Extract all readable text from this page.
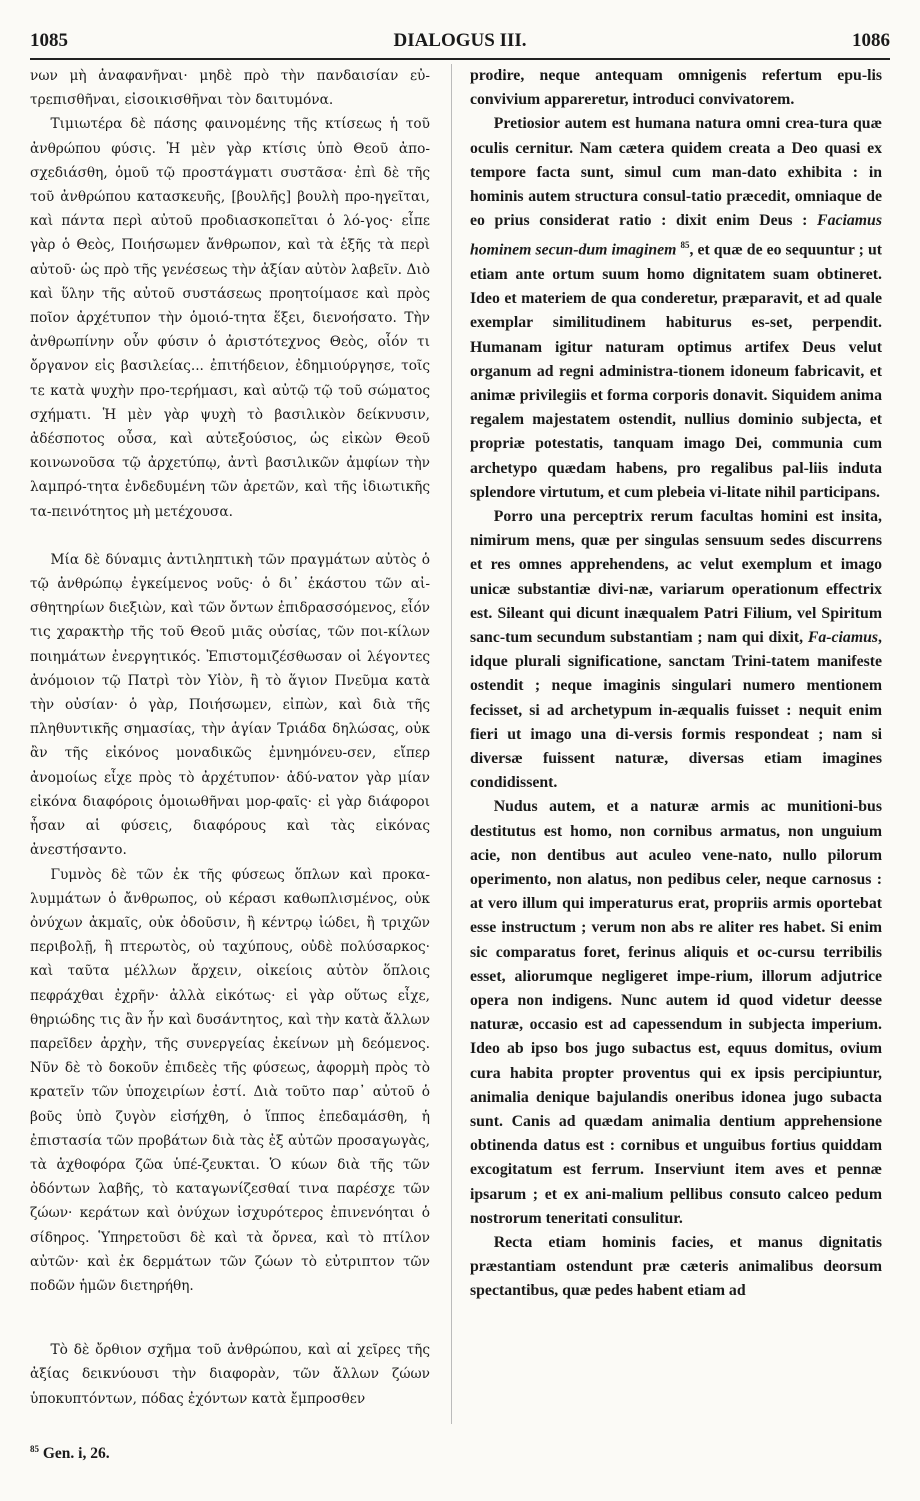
1085	DIALOGUS III.	1086

νων μὴ ἀναφανῆναι· μηδὲ πρὸ τὴν πανδαισίαν εὐ-τρεπισθῆναι, εἰσοικισθῆναι τὸν δαιτυμόνα.

Τιμιωτέρα δὲ πάσης φαινομένης τῆς κτίσεως ἡ τοῦ ἀνθρώπου φύσις. Ἡ μὲν γὰρ κτίσις ὑπὸ Θεοῦ ἀπο-σχεδιάσθη, ὁμοῦ τῷ προστάγματι συστᾶσα· ἐπὶ δὲ τῆς τοῦ ἀνθρώπου κατασκευῆς, [βουλῆς] βουλὴ προ-ηγεῖται, καὶ πάντα περὶ αὐτοῦ προδιασκοπεῖται ὁ λό-γος· εἶπε γὰρ ὁ Θεὸς, Ποιήσωμεν ἄνθρωπον, καὶ τὰ ἑξῆς τὰ περὶ αὐτοῦ· ὡς πρὸ τῆς γενέσεως τὴν ἀξίαν αὐτὸν λαβεῖν. Διὸ καὶ ὕλην τῆς αὐτοῦ συστάσεως προητοίμασε καὶ πρὸς ποῖον ἀρχέτυπον τὴν ὁμοιό-τητα ἕξει, διενοήσατο. Τὴν ἀνθρωπίνην οὖν φύσιν ὁ ἀριστότεχνος Θεὸς, οἷόν τι ὄργανον εἰς βασιλείας... ἐπιτήδειον, ἐδημιούργησε, τοῖς τε κατὰ ψυχὴν προ-τερήμασι, καὶ αὐτῷ τῷ τοῦ σώματος σχήματι. Ἡ μὲν γὰρ ψυχὴ τὸ βασιλικὸν δείκνυσιν, ἀδέσποτος οὖσα, καὶ αὐτεξούσιος, ὡς εἰκὼν Θεοῦ κοινωνοῦσα τῷ ἀρχετύπῳ, ἀντὶ βασιλικῶν ἀμφίων τὴν λαμπρό-τητα ἐνδεδυμένη τῶν ἀρετῶν, καὶ τῆς ἰδιωτικῆς τα-πεινότητος μὴ μετέχουσα.

Μία δὲ δύναμις ἀντιληπτικὴ τῶν πραγμάτων αὐτὸς ὁ τῷ ἀνθρώπῳ ἐγκείμενος νοῦς· ὁ δι᾽ ἑκάστου τῶν αἰ-σθητηρίων διεξιὼν, καὶ τῶν ὄντων ἐπιδρασσόμενος, εἶόν τις χαρακτὴρ τῆς τοῦ Θεοῦ μιᾶς οὐσίας, τῶν ποι-κίλων ποιημάτων ἐνεργητικός. Ἐπιστομιζέσθωσαν οἱ λέγοντες ἀνόμοιον τῷ Πατρὶ τὸν Υἱὸν, ἢ τὸ ἅγιον Πνεῦμα κατὰ τὴν οὐσίαν· ὁ γὰρ, Ποιήσωμεν, εἰπὼν, καὶ διὰ τῆς πληθυντικῆς σημασίας, τὴν ἁγίαν Τριάδα δηλώσας, οὐκ ἂν τῆς εἰκόνος μοναδικῶς ἐμνημόνευ-σεν, εἴπερ ἀνομοίως εἶχε πρὸς τὸ ἀρχέτυπον· ἀδύ-νατον γὰρ μίαν εἰκόνα διαφόροις ὁμοιωθῆναι μορ-φαῖς· εἰ γὰρ διάφοροι ἦσαν αἱ φύσεις, διαφόρους καὶ τὰς εἰκόνας ἀνεστήσαντο.

Γυμνὸς δὲ τῶν ἐκ τῆς φύσεως ὅπλων καὶ προκα-λυμμάτων ὁ ἄνθρωπος, οὐ κέρασι καθωπλισμένος, οὐκ ὀνύχων ἀκμαῖς, οὐκ ὀδοῦσιν, ἢ κέντρῳ ἰώδει, ἢ τριχῶν περιβολῇ, ἢ πτερωτὸς, οὐ ταχύπους, οὐδὲ πολύσαρκος· καὶ ταῦτα μέλλων ἄρχειν, οἰκείοις αὐτὸν ὅπλοις πεφράχθαι ἐχρῆν· ἀλλὰ εἰκότως· εἰ γὰρ οὕτως εἶχε, θηριώδης τις ἂν ἦν καὶ δυσάντητος, καὶ τὴν κατὰ ἄλλων παρεῖδεν ἀρχὴν, τῆς συνεργείας ἐκείνων μὴ δεόμενος. Νῦν δὲ τὸ δοκοῦν ἐπιδεὲς τῆς φύσεως, ἀφορμὴ πρὸς τὸ κρατεῖν τῶν ὑποχειρίων ἐστί. Διὰ τοῦτο παρ᾽ αὐτοῦ ὁ βοῦς ὑπὸ ζυγὸν εἰσήχθη, ὁ ἵππος ἐπεδαμάσθη, ἡ ἐπιστασία τῶν προβάτων διὰ τὰς ἐξ αὐτῶν προσαγωγὰς, τὰ ἀχθοφόρα ζῶα ὑπέ-ζευκται. Ὁ κύων διὰ τῆς τῶν ὀδόντων λαβῆς, τὸ καταγωνίζεσθαί τινα παρέσχε τῶν ζώων· κεράτων καὶ ὀνύχων ἰσχυρότερος ἐπινενόηται ὁ σίδηρος. Ὑπηρετοῦσι δὲ καὶ τὰ ὄρνεα, καὶ τὸ πτίλον αὐτῶν· καὶ ἐκ δερμάτων τῶν ζώων τὸ εὐτριπτον τῶν ποδῶν ἡμῶν διετηρήθη.

Τὸ δὲ ὄρθιον σχῆμα τοῦ ἀνθρώπου, καὶ αἱ χεῖρες τῆς ἀξίας δεικνύουσι τὴν διαφορὰν, τῶν ἄλλων ζώων ὑποκυπτόντων, πόδας ἐχόντων κατὰ ἔμπροσθεν

prodire, neque antequam omnigenis refertum epu-lis convivium appareretur, introduci convivatorem.

Pretiosior autem est humana natura omni crea-tura quæ oculis cernitur. Nam cætera quidem creata a Deo quasi ex tempore facta sunt, simul cum man-dato exhibita : in hominis autem structura consul-tatio præcedit, omniaque de eo prius considerat ratio : dixit enim Deus : Faciamus hominem secun-dum imaginem $^{85}$, et quæ de eo sequuntur ; ut etiam ante ortum suum homo dignitatem suam obtineret. Ideo et materiem de qua conderetur, præparavit, et ad quale exemplar similitudinem habiturus es-set, perpendit. Humanam igitur naturam optimus artifex Deus velut organum ad regni administra-tionem idoneum fabricavit, et animæ privilegiis et forma corporis donavit. Siquidem anima regalem majestatem ostendit, nullius dominio subjecta, et propriæ potestatis, tanquam imago Dei, communia cum archetypo quædam habens, pro regalibus pal-liis induta splendore virtutum, et cum plebeia vi-litate nihil participans.

Porro una perceptrix rerum facultas homini est insita, nimirum mens, quæ per singulas sensuum sedes discurrens et res omnes apprehendens, ac velut exemplum et imago unicæ substantiæ divi-næ, variarum operationum effectrix est. Sileant qui dicunt inæqualem Patri Filium, vel Spiritum sanc-tum secundum substantiam ; nam qui dixit, Fa-ciamus, idque plurali significatione, sanctam Trini-tatem manifeste ostendit ; neque imaginis singulari numero mentionem fecisset, si ad archetypum in-æqualis fuisset : nequit enim fieri ut imago una di-versis formis respondeat ; nam si diversæ fuissent naturæ, diversas etiam imagines condidissent.

Nudus autem, et a naturæ armis ac munitioni-bus destitutus est homo, non cornibus armatus, non unguium acie, non dentibus aut aculeo vene-nato, nullo pilorum operimento, non alatus, non pedibus celer, neque carnosus : at vero illum qui imperaturus erat, propriis armis oportebat esse instructum ; verum non abs re aliter res habet. Si enim sic comparatus foret, ferinus aliquis et oc-cursu terribilis esset, aliorumque negligeret impe-rium, illorum adjutrice opera non indigens. Nunc autem id quod videtur deesse naturæ, occasio est ad capessendum in subjecta imperium. Ideo ab ipso bos jugo subactus est, equus domitus, ovium cura habita propter proventus qui ex ipsis percipiuntur, animalia denique bajulandis oneribus idonea jugo subacta sunt. Canis ad quædam animalia dentium apprehensione obtinenda datus est : cornibus et unguibus fortius quiddam excogitatum est ferrum. Inserviunt item aves et pennæ ipsarum ; et ex ani-malium pellibus consuto calceo pedum nostrorum teneritati consulitur.

Recta etiam hominis facies, et manus dignitatis præstantiam ostendunt præ cæteris animalibus deorsum spectantibus, quæ pedes habent etiam ad

$^{85}$ Gen. i, 26.
